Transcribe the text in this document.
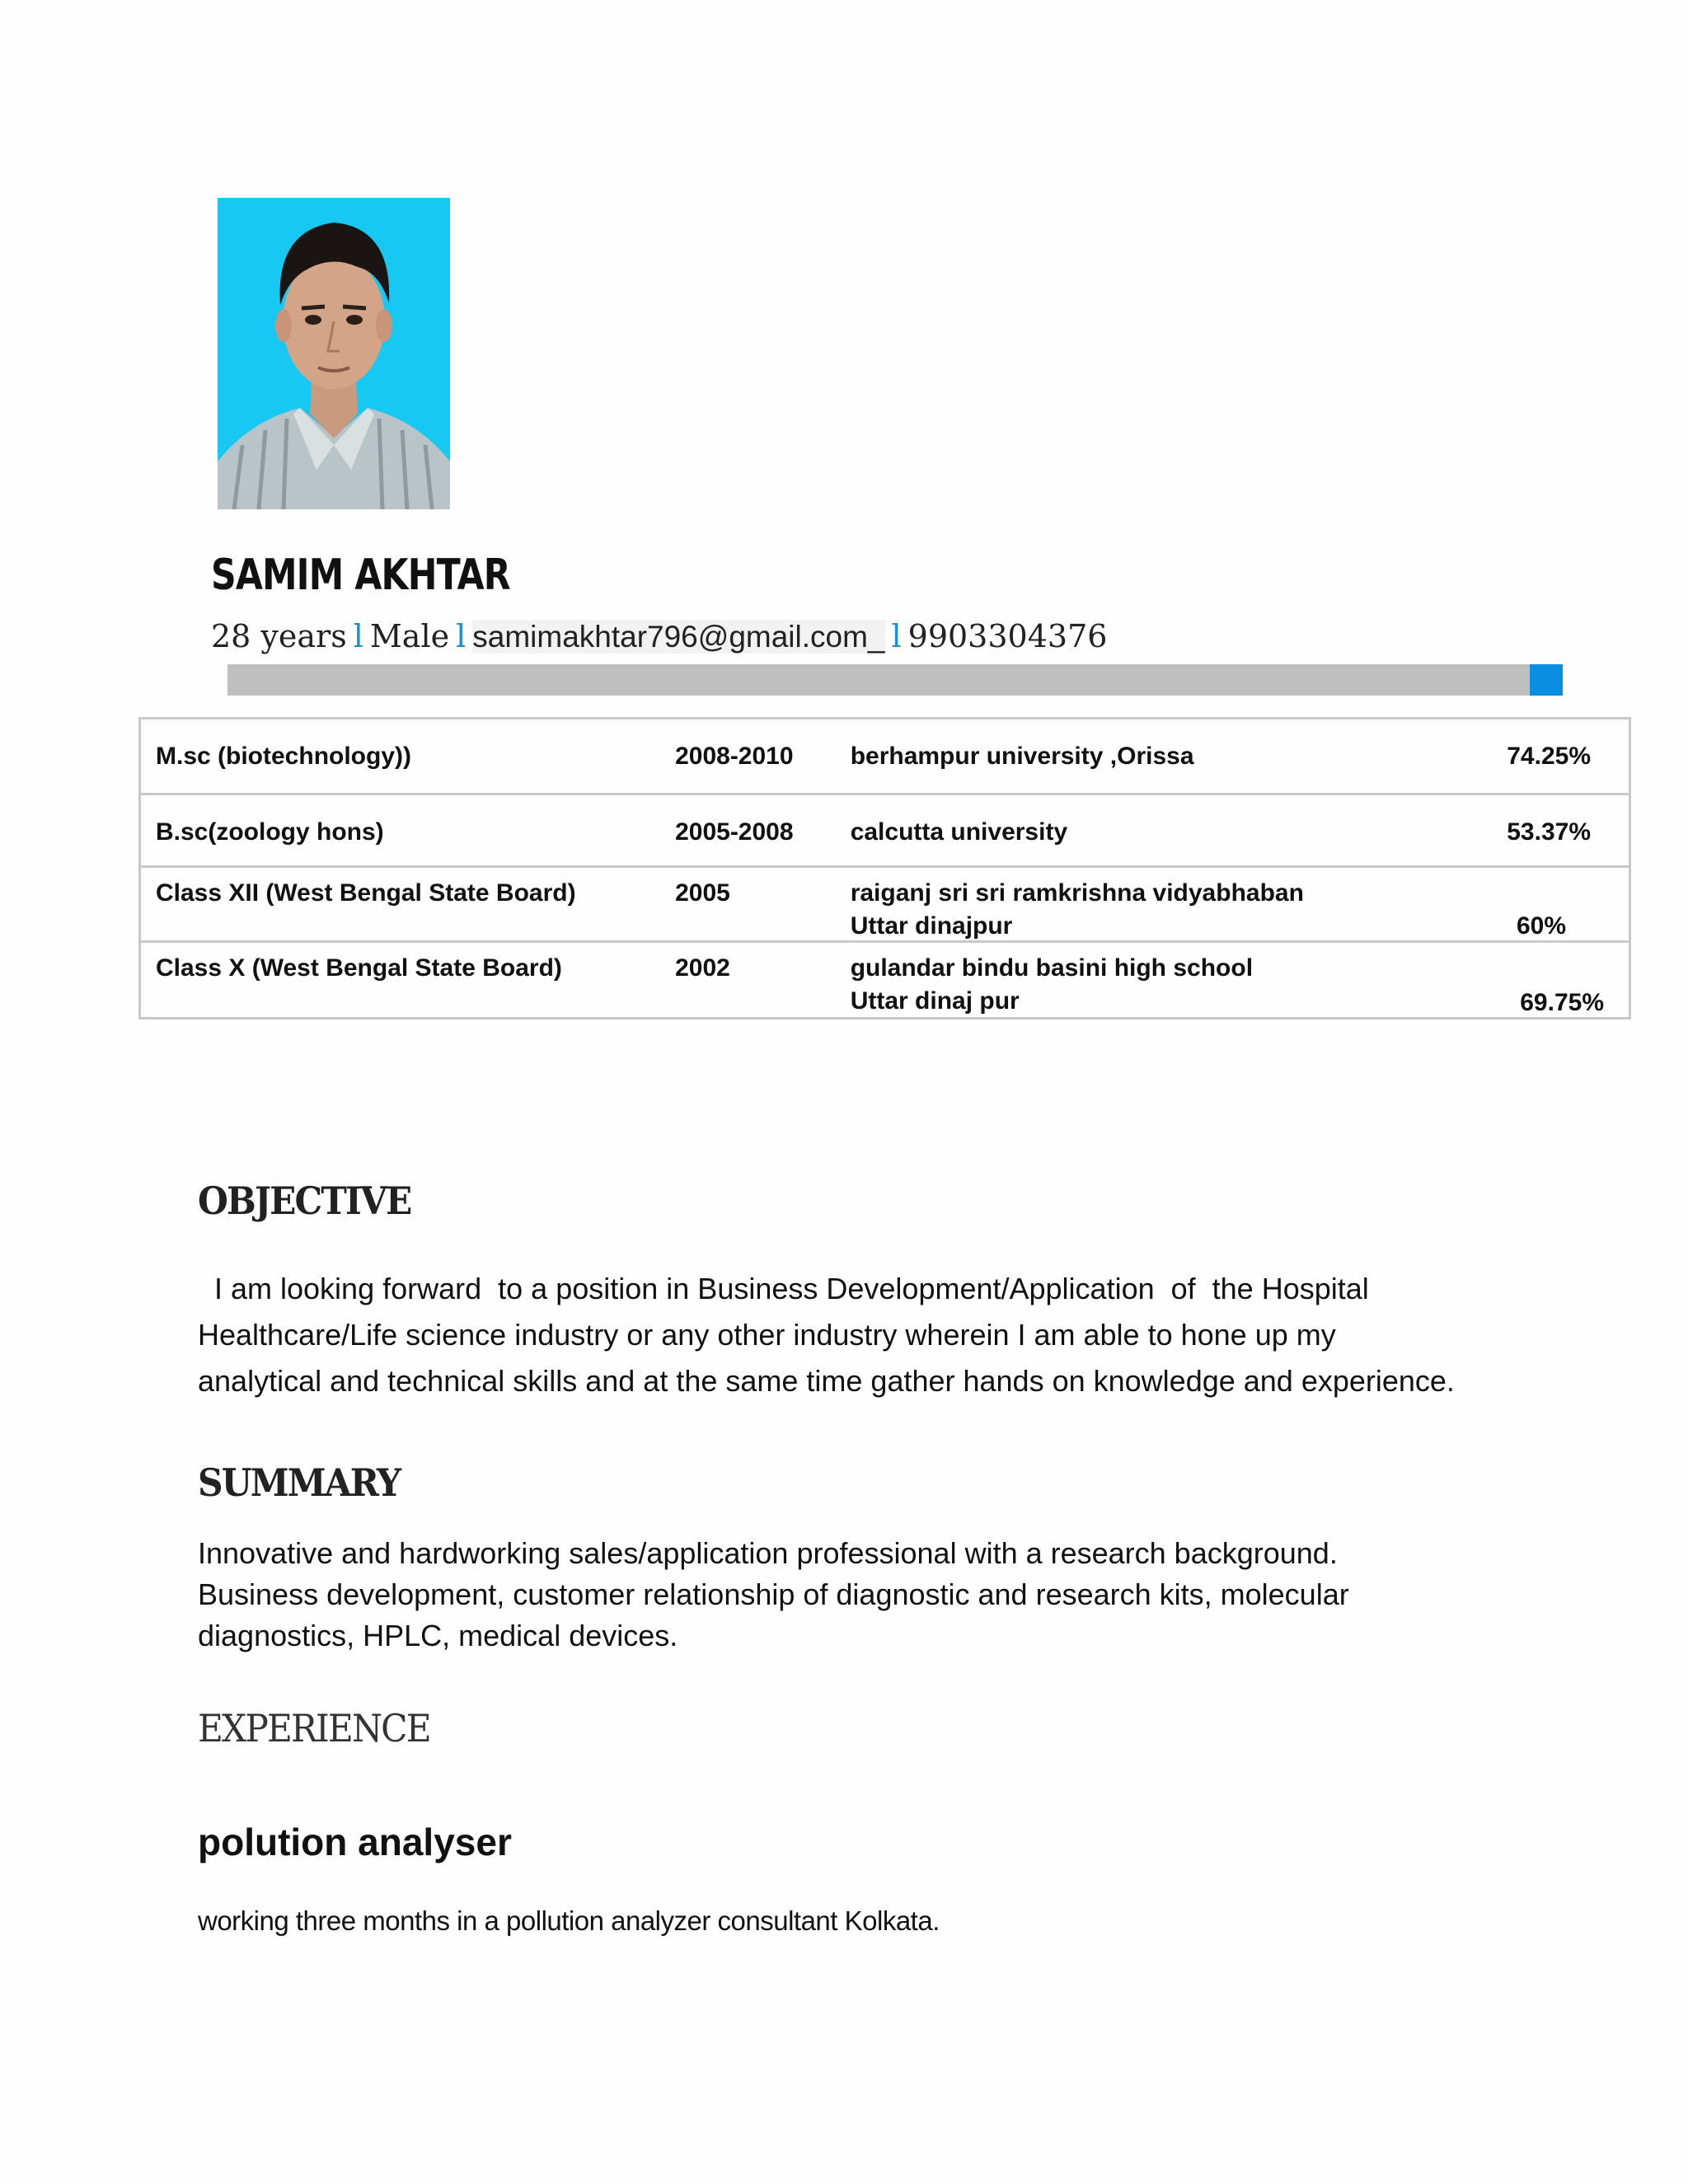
SAMIM AKHTAR
28 years l Male l samimakhtar796@gmail.com_ l 9903304376
M.sc (biotechnology))	2008-2010	berhampur university ,Orissa	74.25%

B.sc(zoology hons)	2005-2008	calcutta university	53.37%

Class XII (West Bengal State Board)	2005	raiganj sri sri ramkrishna vidyabhaban
Uttar dinajpur	60%

Class X (West Bengal State Board)	2002	gulandar bindu basini high school
Uttar dinaj pur	69.75%
OBJECTIVE
I am looking forward  to a position in Business Development/Application  of  the Hospital
Healthcare/Life science industry or any other industry wherein I am able to hone up my
analytical and technical skills and at the same time gather hands on knowledge and experience.
SUMMARY
Innovative and hardworking sales/application professional with a research background.
Business development, customer relationship of diagnostic and research kits, molecular
diagnostics, HPLC, medical devices.
EXPERIENCE
polution analyser
working three months in a pollution analyzer consultant Kolkata.
